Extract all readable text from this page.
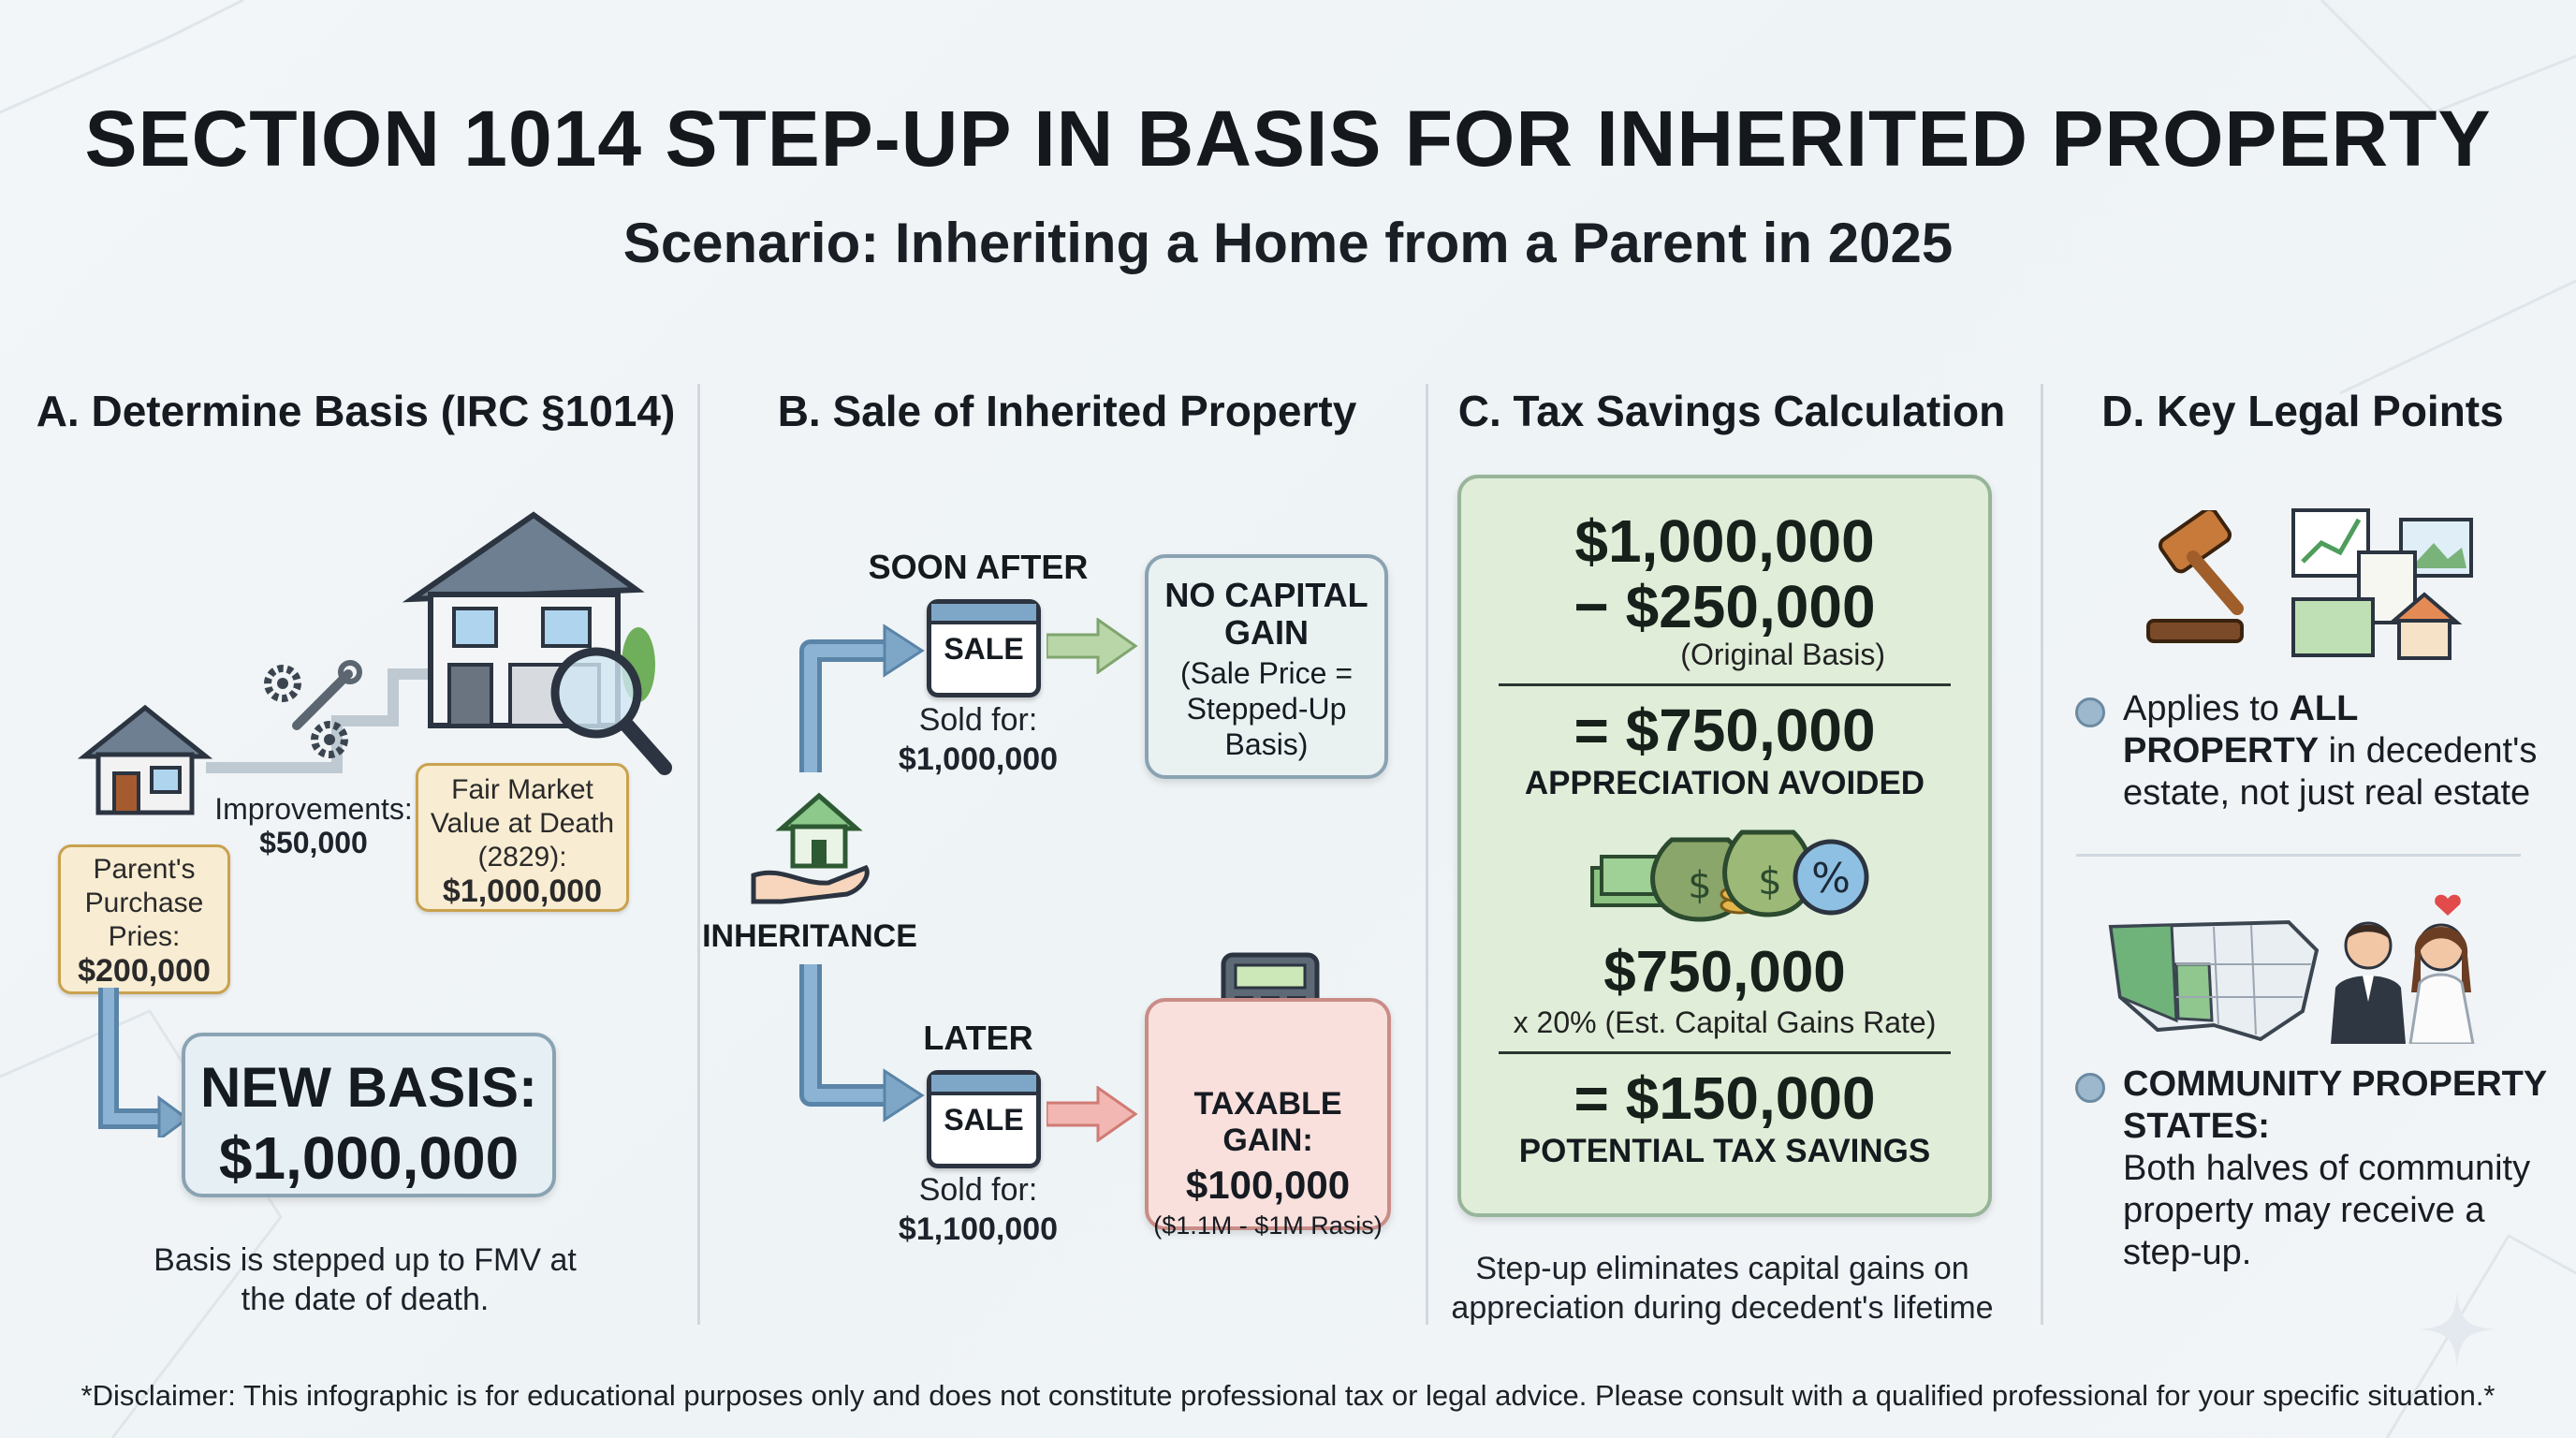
SECTION 1014 STEP-UP IN BASIS FOR INHERITED PROPERTY
Scenario: Inheriting a Home from a Parent in 2025
A. Determine Basis (IRC §1014)
Parent's Purchase Pries:
$200,000
Improvements:
$50,000
Fair Market Value at Death (2829):
$1,000,000
NEW BASIS:
$1,000,000
Basis is stepped up to FMV at the date of death.
B. Sale of Inherited Property
INHERITANCE
SOON AFTER
SALE
Sold for:
$1,000,000
NO CAPITAL GAIN
(Sale Price = Stepped-Up Basis)
LATER
SALE
Sold for:
$1,100,000
TAXABLE GAIN:
$100,000
($1.1M - $1M Rasis)
C. Tax Savings Calculation
$1,000,000
− $250,000
(Original Basis)
= $750,000
APPRECIATION AVOIDED
$ $ %
$750,000
x 20% (Est. Capital Gains Rate)
= $150,000
POTENTIAL TAX SAVINGS
Step-up eliminates capital gains on appreciation during decedent's lifetime
D. Key Legal Points
Applies to ALL PROPERTY in decedent's estate, not just real estate
COMMUNITY PROPERTY STATES:
Both halves of community property may receive a step-up.
*Disclaimer: This infographic is for educational purposes only and does not constitute professional tax or legal advice. Please consult with a qualified professional for your specific situation.*
